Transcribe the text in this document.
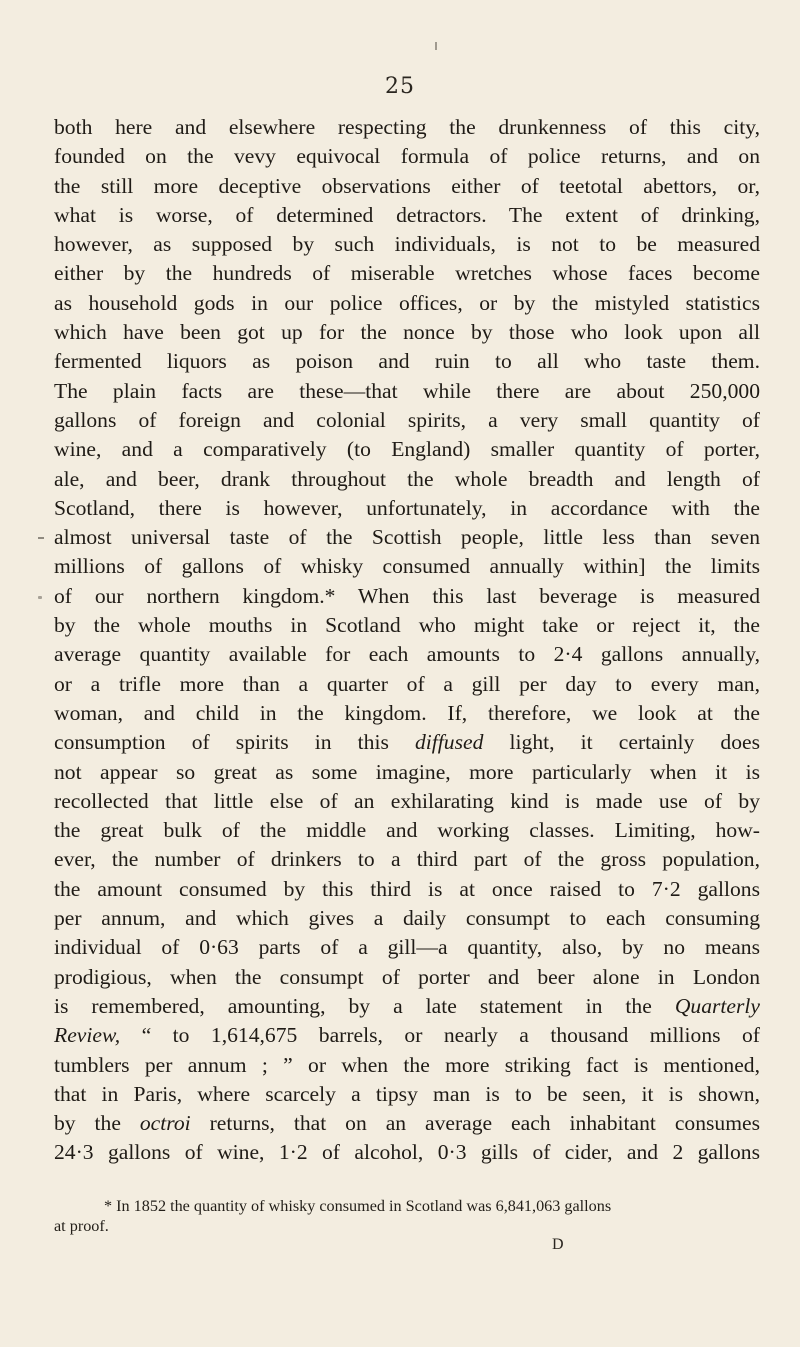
25
both here and elsewhere respecting the drunkenness of this city,
founded on the vevy equivocal formula of police returns, and on
the still more deceptive observations either of teetotal abettors, or,
what is worse, of determined detractors. The extent of drinking,
however, as supposed by such individuals, is not to be measured
either by the hundreds of miserable wretches whose faces become
as household gods in our police offices, or by the mistyled statistics
which have been got up for the nonce by those who look upon all
fermented liquors as poison and ruin to all who taste them.
The plain facts are these—that while there are about 250,000
gallons of foreign and colonial spirits, a very small quantity of
wine, and a comparatively (to England) smaller quantity of porter,
ale, and beer, drank throughout the whole breadth and length of
Scotland, there is however, unfortunately, in accordance with the
almost universal taste of the Scottish people, little less than seven
millions of gallons of whisky consumed annually within] the limits
of our northern kingdom.* When this last beverage is measured
by the whole mouths in Scotland who might take or reject it, the
average quantity available for each amounts to 2·4 gallons annually,
or a trifle more than a quarter of a gill per day to every man,
woman, and child in the kingdom. If, therefore, we look at the
consumption of spirits in this diffused light, it certainly does
not appear so great as some imagine, more particularly when it is
recollected that little else of an exhilarating kind is made use of by
the great bulk of the middle and working classes. Limiting, how-
ever, the number of drinkers to a third part of the gross population,
the amount consumed by this third is at once raised to 7·2 gallons
per annum, and which gives a daily consumpt to each consuming
individual of 0·63 parts of a gill—a quantity, also, by no means
prodigious, when the consumpt of porter and beer alone in London
is remembered, amounting, by a late statement in the Quarterly
Review, “ to 1,614,675 barrels, or nearly a thousand millions of
tumblers per annum ; ” or when the more striking fact is mentioned,
that in Paris, where scarcely a tipsy man is to be seen, it is shown,
by the octroi returns, that on an average each inhabitant consumes
24·3 gallons of wine, 1·2 of alcohol, 0·3 gills of cider, and 2 gallons
* In 1852 the quantity of whisky consumed in Scotland was 6,841,063 gallons
at proof.
D
